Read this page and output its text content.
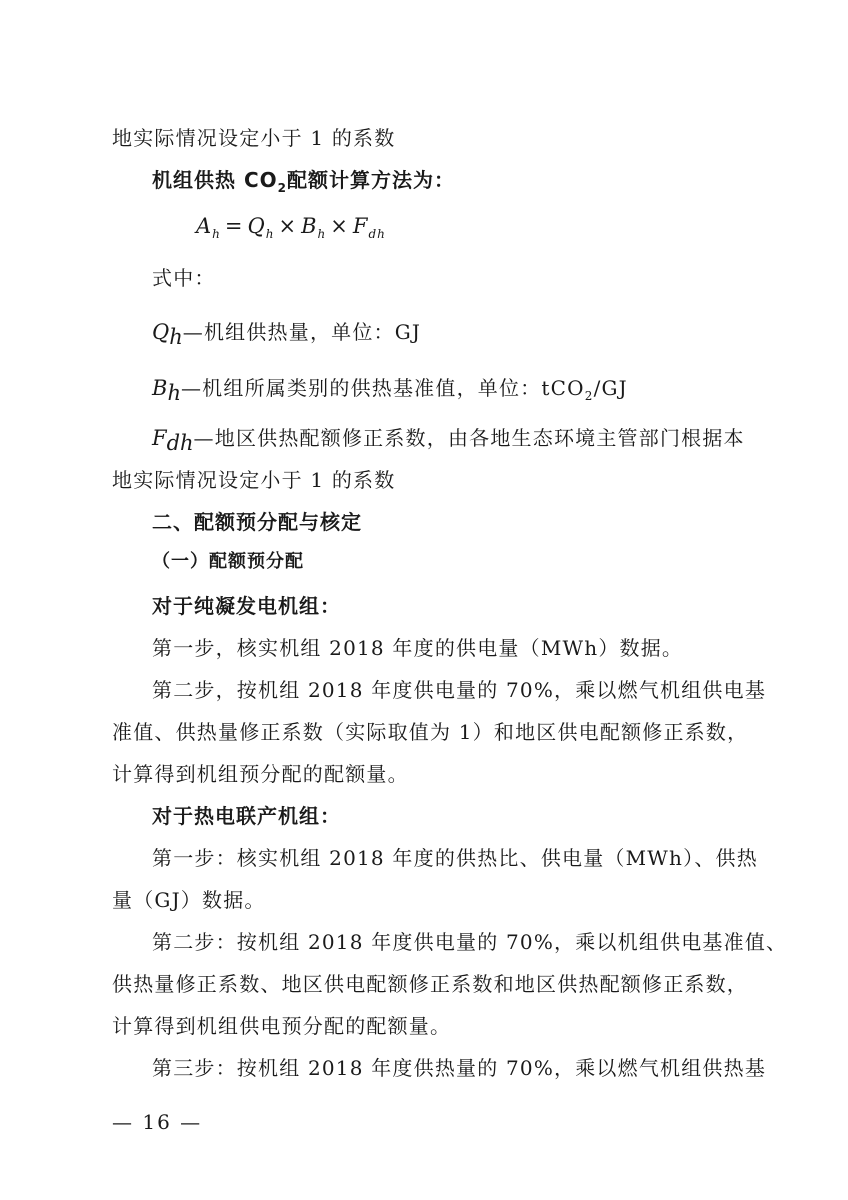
地实际情况设定小于 1 的系数
机组供热 $CO_2$配额计算方法为：
$A_h = Q_h \times B_h \times F_{dh}$
式中：
$Q_h—$机组供热量，单位：GJ
$B_h—$机组所属类别的供热基准值，单位：tCO$_2$/GJ
$F_{dh}—$地区供热配额修正系数，由各地生态环境主管部门根据本
地实际情况设定小于 1 的系数
二、配额预分配与核定
（一）配额预分配
对于纯凝发电机组：
第一步，核实机组 2018 年度的供电量（MWh）数据。
第二步，按机组 2018 年度供电量的 70%，乘以燃气机组供电基
准值、供热量修正系数（实际取值为 1）和地区供电配额修正系数，
计算得到机组预分配的配额量。
对于热电联产机组：
第一步：核实机组 2018 年度的供热比、供电量（MWh）、供热
量（GJ）数据。
第二步：按机组 2018 年度供电量的 70%，乘以机组供电基准值、
供热量修正系数、地区供电配额修正系数和地区供热配额修正系数，
计算得到机组供电预分配的配额量。
第三步：按机组 2018 年度供热量的 70%，乘以燃气机组供热基
— 16 —
